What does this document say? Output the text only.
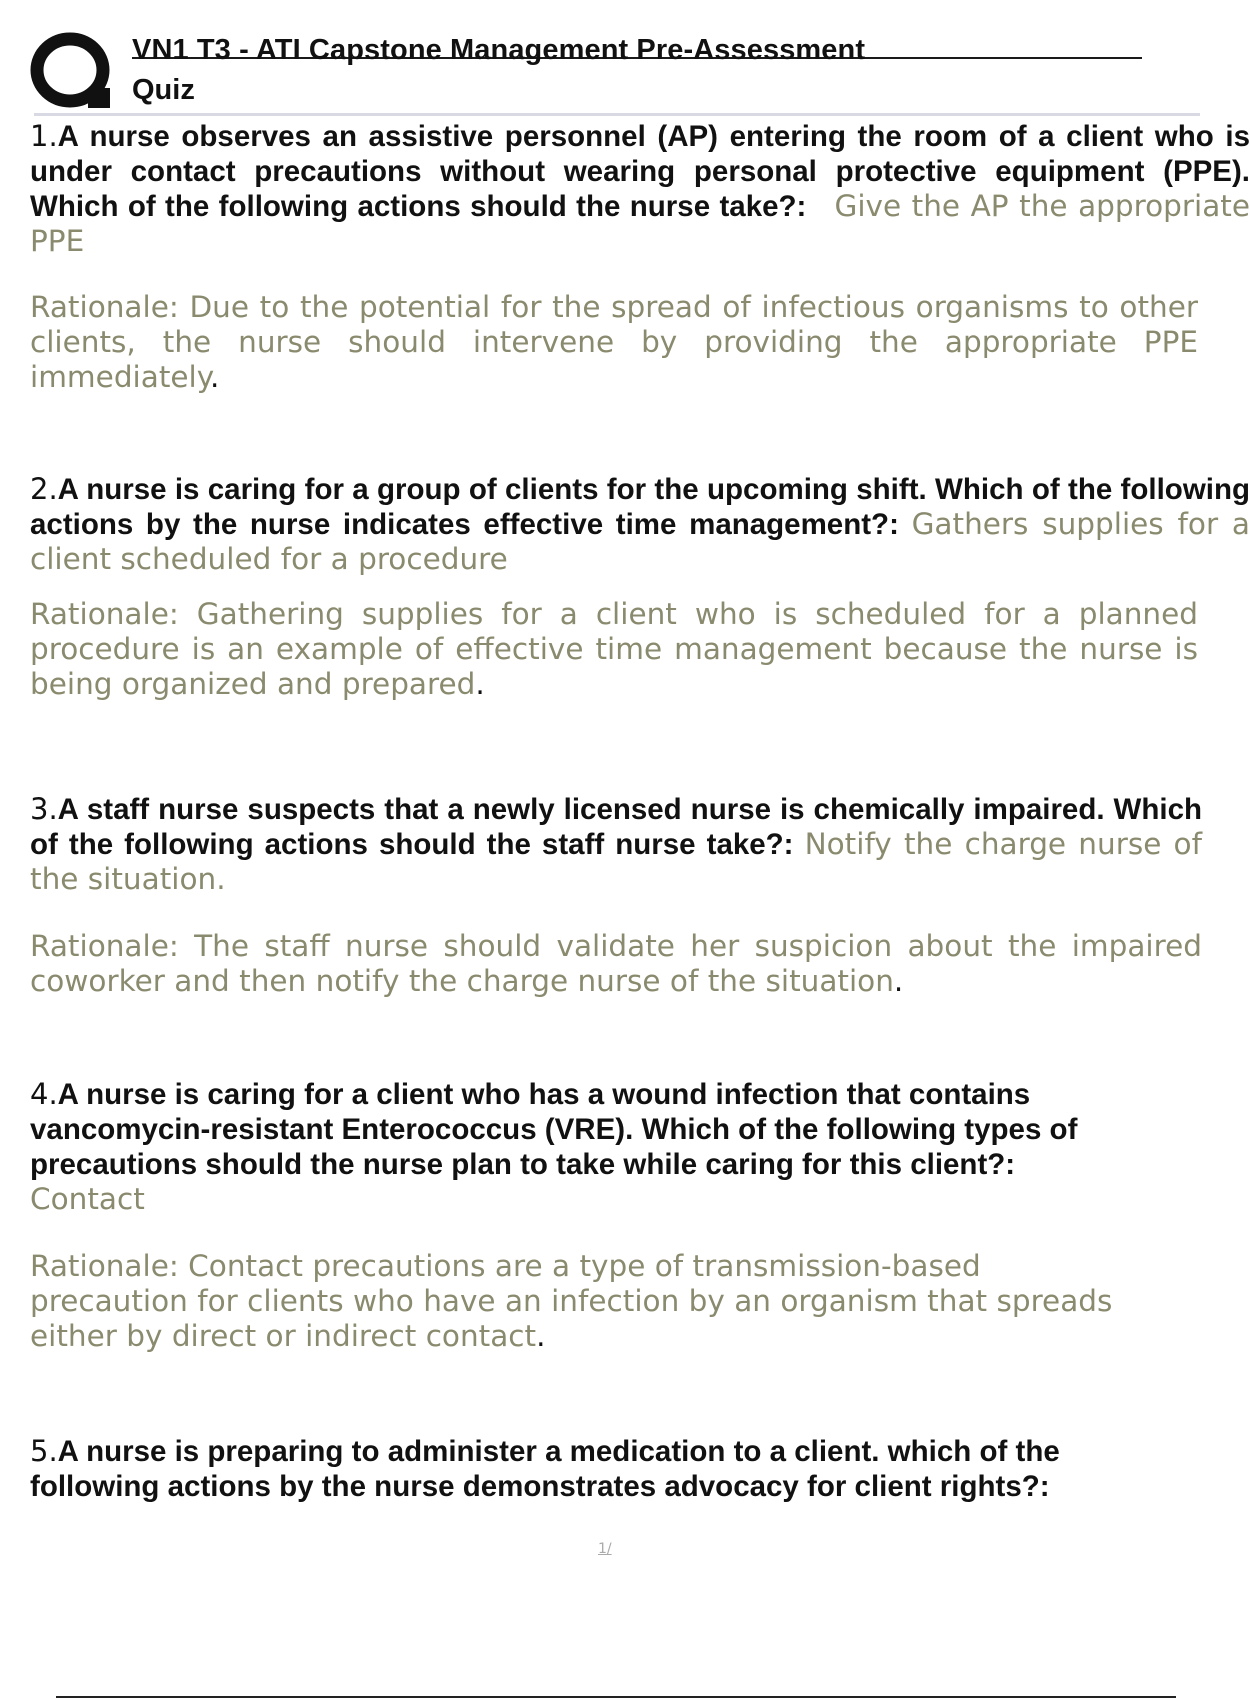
VN1 T3 - ATI Capstone Management Pre-Assessment
Quiz

1.A nurse observes an assistive personnel (AP) entering the room of a client who is under contact precautions without wearing personal protective equipment (PPE). Which of the following actions should the nurse take?: Give the AP the appropriate PPE

Rationale: Due to the potential for the spread of infectious organisms to other clients, the nurse should intervene by providing the appropriate PPE immediately.

2.A nurse is caring for a group of clients for the upcoming shift. Which of the following actions by the nurse indicates effective time management?: Gathers supplies for a client scheduled for a procedure

Rationale: Gathering supplies for a client who is scheduled for a planned procedure is an example of effective time management because the nurse is being organized and prepared.

3.A staff nurse suspects that a newly licensed nurse is chemically impaired. Which of the following actions should the staff nurse take?: Notify the charge nurse of the situation.

Rationale: The staff nurse should validate her suspicion about the impaired coworker and then notify the charge nurse of the situation.

4.A nurse is caring for a client who has a wound infection that contains vancomycin-resistant Enterococcus (VRE). Which of the following types of precautions should the nurse plan to take while caring for this client?:
Contact

Rationale: Contact precautions are a type of transmission-based precaution for clients who have an infection by an organism that spreads either by direct or indirect contact.

5.A nurse is preparing to administer a medication to a client. which of the following actions by the nurse demonstrates advocacy for client rights?:

1/
